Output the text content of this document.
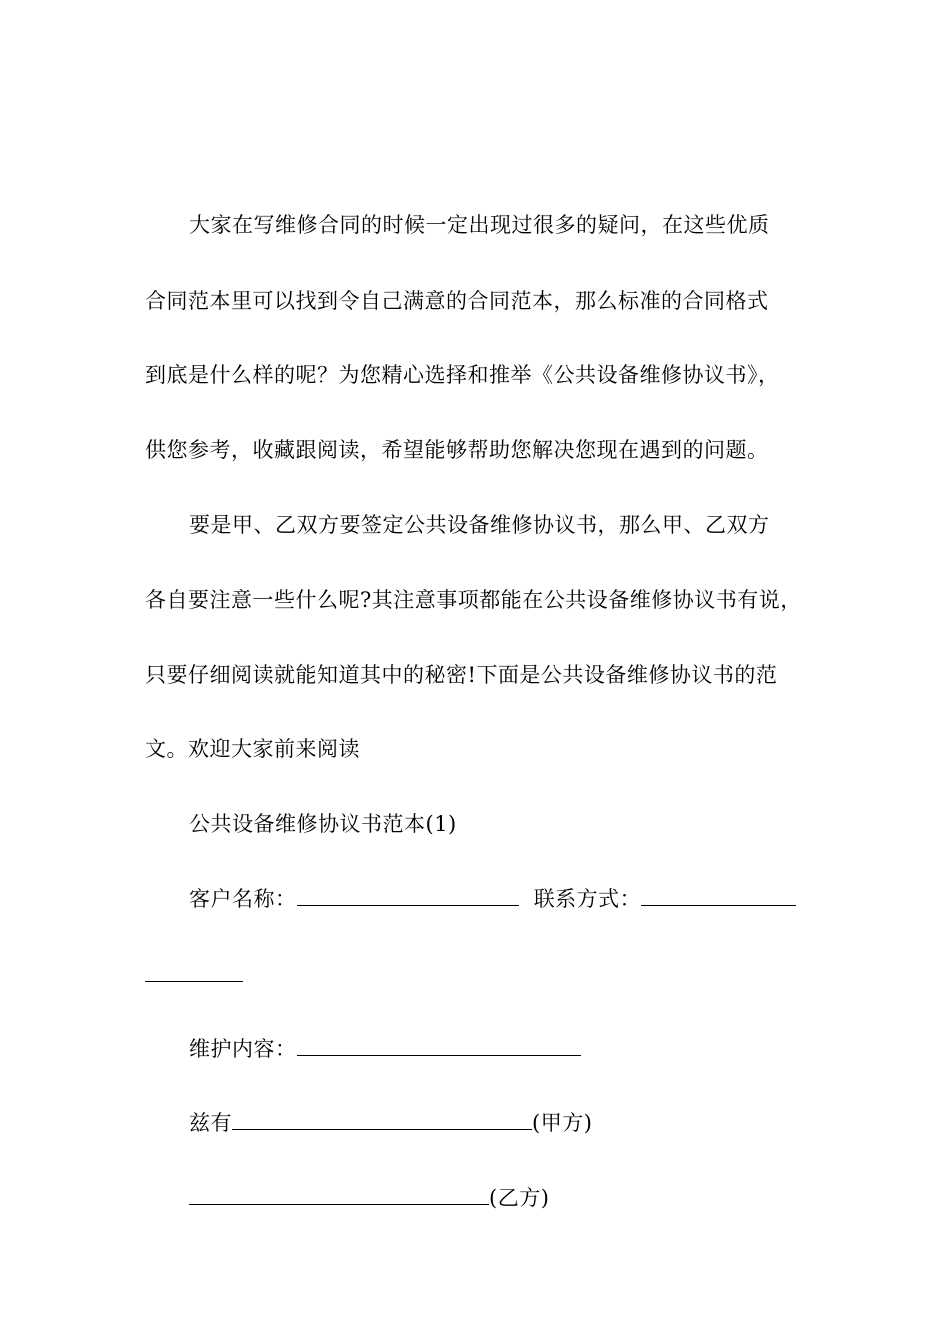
大家在写维修合同的时候一定出现过很多的疑问，在这些优质
合同范本里可以找到令自己满意的合同范本，那么标准的合同格式
到底是什么样的呢？为您精心选择和推举《公共设备维修协议书》，
供您参考，收藏跟阅读，希望能够帮助您解决您现在遇到的问题。
要是甲、乙双方要签定公共设备维修协议书，那么甲、乙双方
各自要注意一些什么呢?其注意事项都能在公共设备维修协议书有说，
只要仔细阅读就能知道其中的秘密!下面是公共设备维修协议书的范
文。欢迎大家前来阅读
公共设备维修协议书范本(1)
客户名称：	联系方式：
维护内容：
兹有	(甲方)
(乙方)
